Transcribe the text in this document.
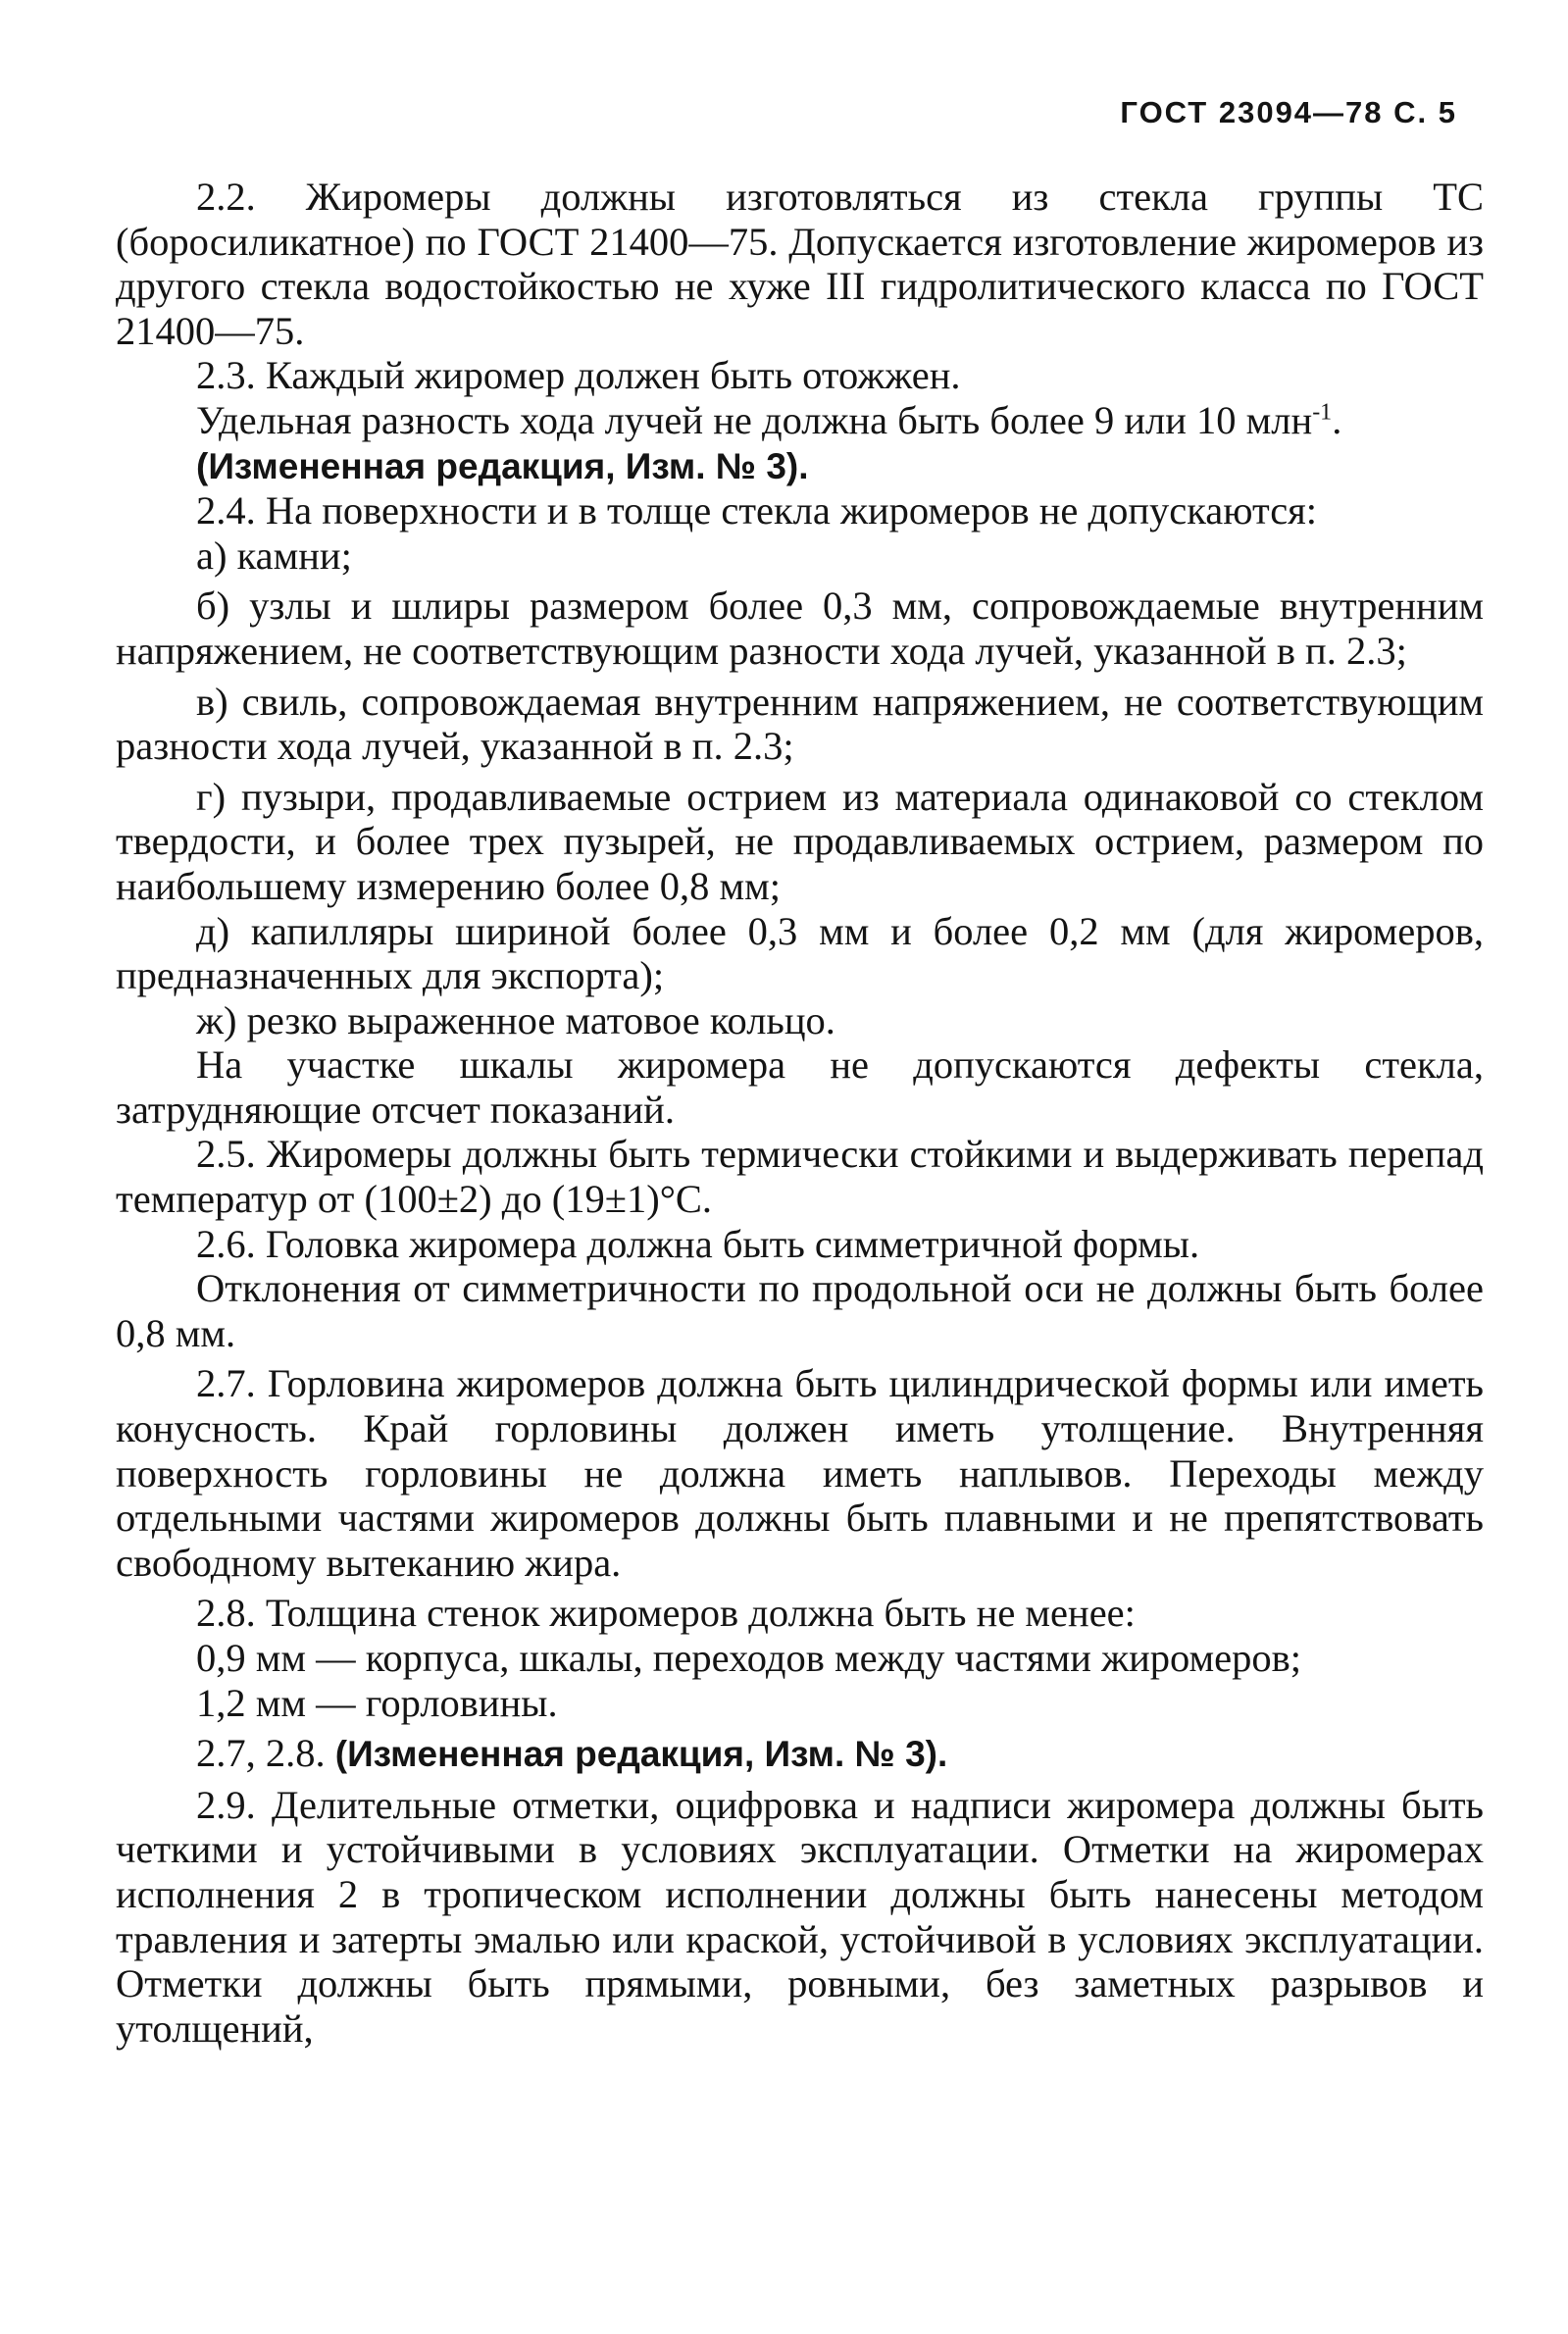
ГОСТ 23094—78 С. 5

2.2. Жиромеры должны изготовляться из стекла группы ТС (боросиликатное) по ГОСТ 21400—75. Допускается изготовление жиромеров из другого стекла водостойкостью не хуже III гидролитического класса по ГОСТ 21400—75.

2.3. Каждый жиромер должен быть отожжен.

Удельная разность хода лучей не должна быть более 9 или 10 млн$^{-1}$.

(Измененная редакция, Изм. № 3).

2.4. На поверхности и в толще стекла жиромеров не допускаются:

а) камни;

б) узлы и шлиры размером более 0,3 мм, сопровождаемые внутренним напряжением, не соответствующим разности хода лучей, указанной в п. 2.3;

в) свиль, сопровождаемая внутренним напряжением, не соответствующим разности хода лучей, указанной в п. 2.3;

г) пузыри, продавливаемые острием из материала одинаковой со стеклом твердости, и более трех пузырей, не продавливаемых острием, размером по наибольшему измерению более 0,8 мм;

д) капилляры шириной более 0,3 мм и более 0,2 мм (для жиромеров, предназначенных для экспорта);

ж) резко выраженное матовое кольцо.

На участке шкалы жиромера не допускаются дефекты стекла, затрудняющие отсчет показаний.

2.5. Жиромеры должны быть термически стойкими и выдерживать перепад температур от (100±2) до (19±1)°С.

2.6. Головка жиромера должна быть симметричной формы.

Отклонения от симметричности по продольной оси не должны быть более 0,8 мм.

2.7. Горловина жиромеров должна быть цилиндрической формы или иметь конусность. Край горловины должен иметь утолщение. Внутренняя поверхность горловины не должна иметь наплывов. Переходы между отдельными частями жиромеров должны быть плавными и не препятствовать свободному вытеканию жира.

2.8. Толщина стенок жиромеров должна быть не менее:

0,9 мм — корпуса, шкалы, переходов между частями жиромеров;

1,2 мм — горловины.

2.7, 2.8. (Измененная редакция, Изм. № 3).

2.9. Делительные отметки, оцифровка и надписи жиромера должны быть четкими и устойчивыми в условиях эксплуатации. Отметки на жиромерах исполнения 2 в тропическом исполнении должны быть нанесены методом травления и затерты эмалью или краской, устойчивой в условиях эксплуатации. Отметки должны быть прямыми, ровными, без заметных разрывов и утолщений,
